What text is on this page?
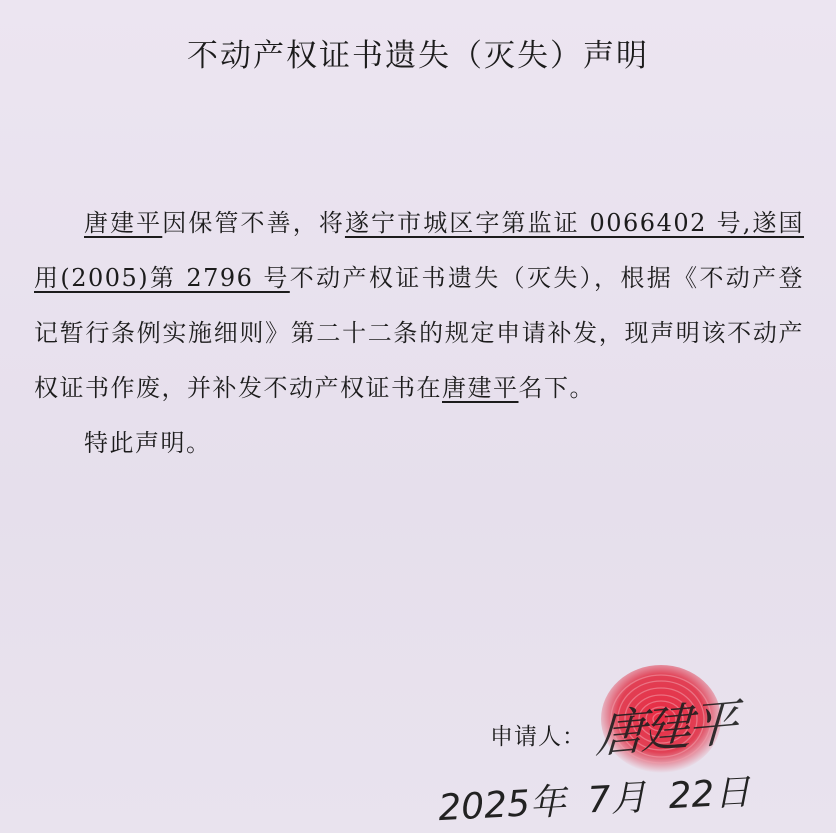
不动产权证书遗失（灭失）声明

唐建平因保管不善，将遂宁市城区字第监证 0066402 号,遂国用(2005)第 2796 号不动产权证书遗失（灭失），根据《不动产登记暂行条例实施细则》第二十二条的规定申请补发，现声明该不动产权证书作废，并补发不动产权证书在唐建平名下。

特此声明。

申请人： 唐建平
2025年 7月 22日
